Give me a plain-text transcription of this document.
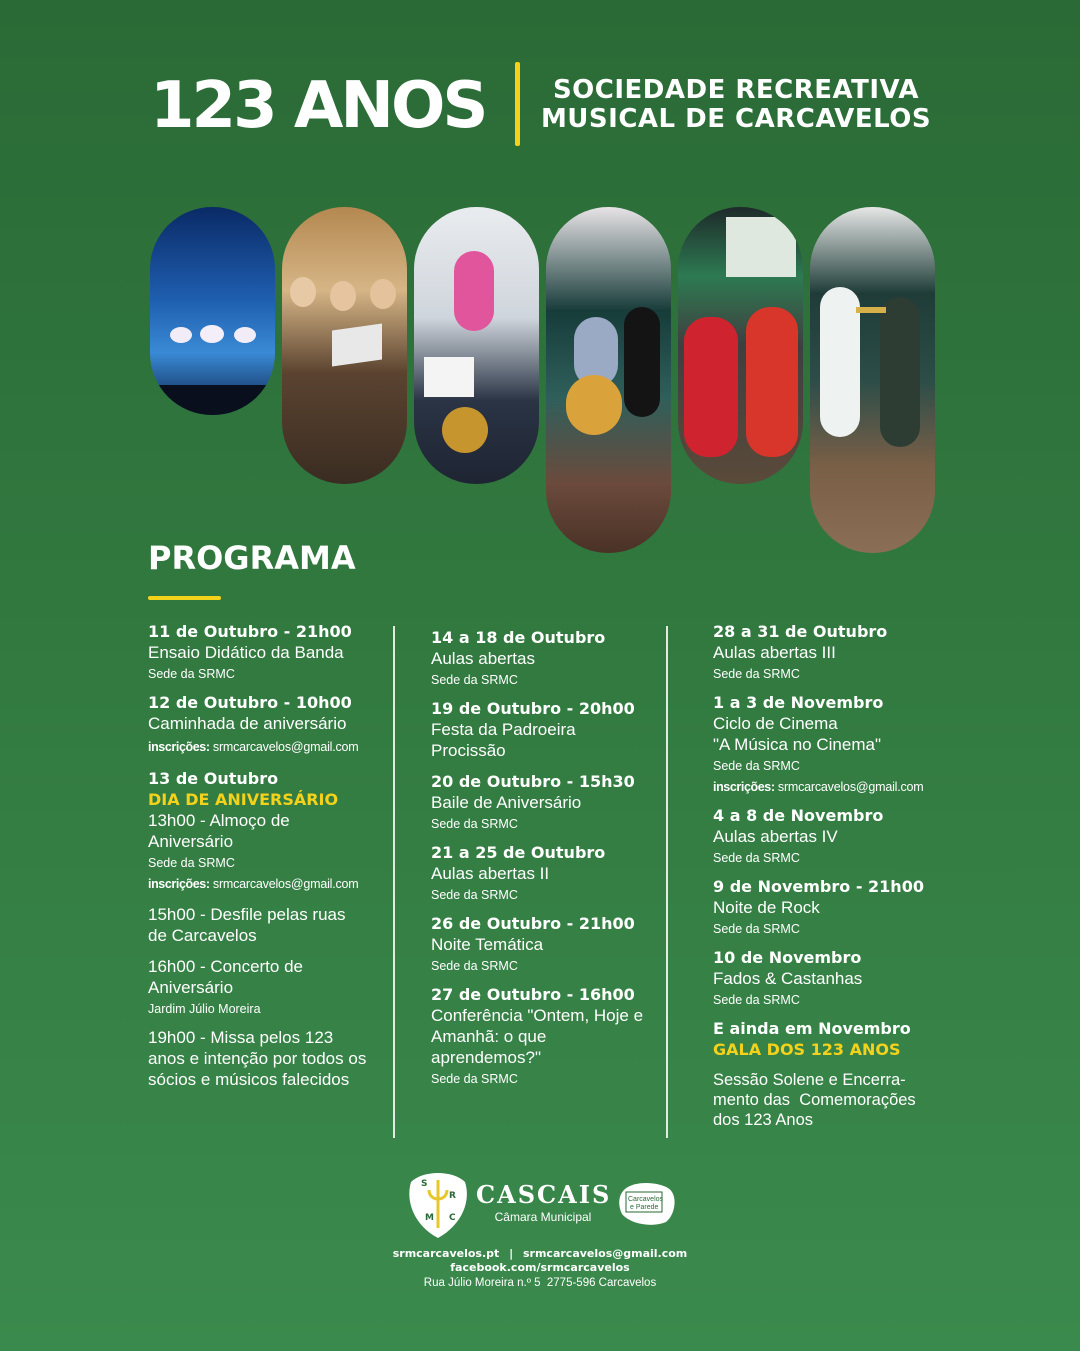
123 ANOS	SOCIEDADE RECREATIVA
MUSICAL DE CARCAVELOS
PROGRAMA
11 de Outubro - 21h00
Ensaio Didático da Banda
Sede da SRMC
12 de Outubro - 10h00
Caminhada de aniversário
inscrições: srmcarcavelos@gmail.com
13 de Outubro
DIA DE ANIVERSÁRIO
13h00 - Almoço de Aniversário
Sede da SRMC
inscrições: srmcarcavelos@gmail.com
15h00 - Desfile pelas ruas de Carcavelos
16h00 - Concerto de Aniversário
Jardim Júlio Moreira
19h00 - Missa pelos 123 anos e intenção por todos os sócios e músicos falecidos
14 a 18 de Outubro
Aulas abertas
Sede da SRMC
19 de Outubro - 20h00
Festa da Padroeira
Procissão
20 de Outubro - 15h30
Baile de Aniversário
Sede da SRMC
21 a 25 de Outubro
Aulas abertas II
Sede da SRMC
26 de Outubro - 21h00
Noite Temática
Sede da SRMC
27 de Outubro - 16h00
Conferência "Ontem, Hoje e Amanhã: o que aprendemos?"
Sede da SRMC
28 a 31 de Outubro
Aulas abertas III
Sede da SRMC
1 a 3 de Novembro
Ciclo de Cinema
"A Música no Cinema"
Sede da SRMC
inscrições: srmcarcavelos@gmail.com
4 a 8 de Novembro
Aulas abertas IV
Sede da SRMC
9 de Novembro - 21h00
Noite de Rock
Sede da SRMC
10 de Novembro
Fados & Castanhas
Sede da SRMC
E ainda em Novembro
GALA DOS 123 ANOS
Sessão Solene e Encerra-
mento das  Comemorações
dos 123 Anos
S
R
M C
CASCAIS
Câmara Municipal
Carcavelos
e Parede
srmcarcavelos.pt | srmcarcavelos@gmail.com
facebook.com/srmcarcavelos
Rua Júlio Moreira n.º 5  2775-596 Carcavelos
